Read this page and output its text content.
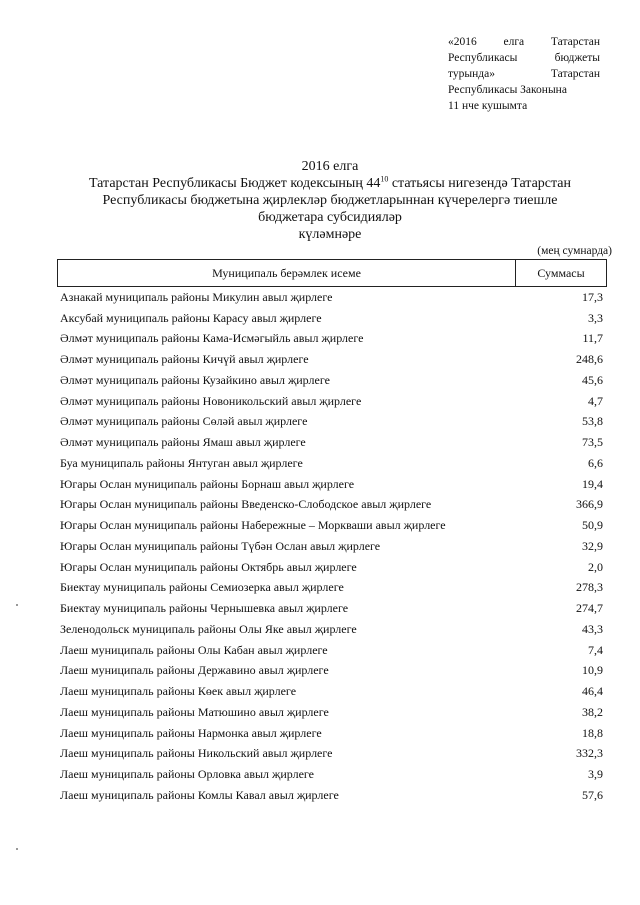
«2016 елга Татарстан
Республикасы бюджеты
турында» Татарстан
Республикасы Законына
11 нче кушымта
2016 елга
Татарстан Республикасы Бюджет кодексының $44^{10}$ статьясы нигезендә Татарстан
Республикасы бюджетына җирлекләр бюджетларыннан күчерелергә тиешле
бюджетара субсидияләр
күләмнәре
(мең сумнарда)
Муниципаль берәмлек исеме	Суммасы
Азнакай муниципаль районы Микулин авыл җирлеге	17,3
Аксубай муниципаль районы Карасу авыл җирлеге	3,3
Әлмәт муниципаль районы Кама-Исмәгыйль авыл җирлеге	11,7
Әлмәт муниципаль районы Кичүй авыл җирлеге	248,6
Әлмәт муниципаль районы Кузайкино авыл җирлеге	45,6
Әлмәт муниципаль районы Новоникольский авыл җирлеге	4,7
Әлмәт муниципаль районы Сөләй авыл җирлеге	53,8
Әлмәт муниципаль районы Ямаш авыл җирлеге	73,5
Буа муниципаль районы Янтуган авыл җирлеге	6,6
Югары Ослан муниципаль районы Борнаш авыл җирлеге	19,4
Югары Ослан муниципаль районы Введенско-Слободское авыл җирлеге	366,9
Югары Ослан муниципаль районы Набережные – Моркваши авыл җирлеге	50,9
Югары Ослан муниципаль районы Түбән Ослан авыл җирлеге	32,9
Югары Ослан муниципаль районы Октябрь авыл җирлеге	2,0
Биектау муниципаль районы Семиозерка авыл җирлеге	278,3
Биектау муниципаль районы Чернышевка авыл җирлеге	274,7
Зеленодольск муниципаль районы Олы Яке авыл җирлеге	43,3
Лаеш муниципаль районы Олы Кабан авыл җирлеге	7,4
Лаеш муниципаль районы Державино авыл җирлеге	10,9
Лаеш муниципаль районы Көек авыл җирлеге	46,4
Лаеш муниципаль районы Матюшино авыл җирлеге	38,2
Лаеш муниципаль районы Нармонка авыл җирлеге	18,8
Лаеш муниципаль районы Никольский авыл җирлеге	332,3
Лаеш муниципаль районы Орловка авыл җирлеге	3,9
Лаеш муниципаль районы Комлы Кавал авыл җирлеге	57,6
